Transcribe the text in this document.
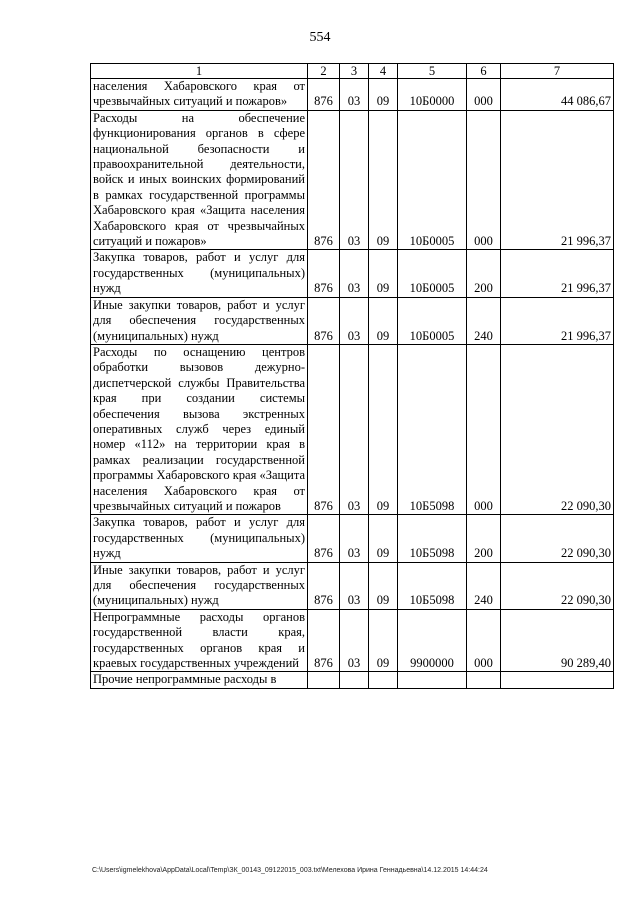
554
1	2	3	4	5	6	7
населения Хабаровского края от чрезвычайных ситуаций и пожаров»	876	03	09	10Б0000	000	44 086,67
Расходы на обеспечение функционирования органов в сфере национальной безопасности и правоохранительной деятельности, войск и иных воинских формирований в рамках государственной программы Хабаровского края «Защита населения Хабаровского края от чрезвычайных ситуаций и пожаров»	876	03	09	10Б0005	000	21 996,37
Закупка товаров, работ и услуг для государственных (муниципальных) нужд	876	03	09	10Б0005	200	21 996,37
Иные закупки товаров, работ и услуг для обеспечения государственных (муниципальных) нужд	876	03	09	10Б0005	240	21 996,37
Расходы по оснащению центров обработки вызовов дежурно-диспетчерской службы Правительства края при создании системы обеспечения вызова экстренных оперативных служб через единый номер «112» на территории края в рамках реализации государственной программы Хабаровского края «Защита населения Хабаровского края от чрезвычайных ситуаций и пожаров	876	03	09	10Б5098	000	22 090,30
Закупка товаров, работ и услуг для государственных (муниципальных) нужд	876	03	09	10Б5098	200	22 090,30
Иные закупки товаров, работ и услуг для обеспечения государственных (муниципальных) нужд	876	03	09	10Б5098	240	22 090,30
Непрограммные расходы органов государственной власти края, государственных органов края и краевых государственных учреждений	876	03	09	9900000	000	90 289,40
Прочие непрограммные расходы в						
C:\Users\igmelekhova\AppData\Local\Temp\ЗК_00143_09122015_003.txt\Мелехова Ирина Геннадьевна\14.12.2015 14:44:24
